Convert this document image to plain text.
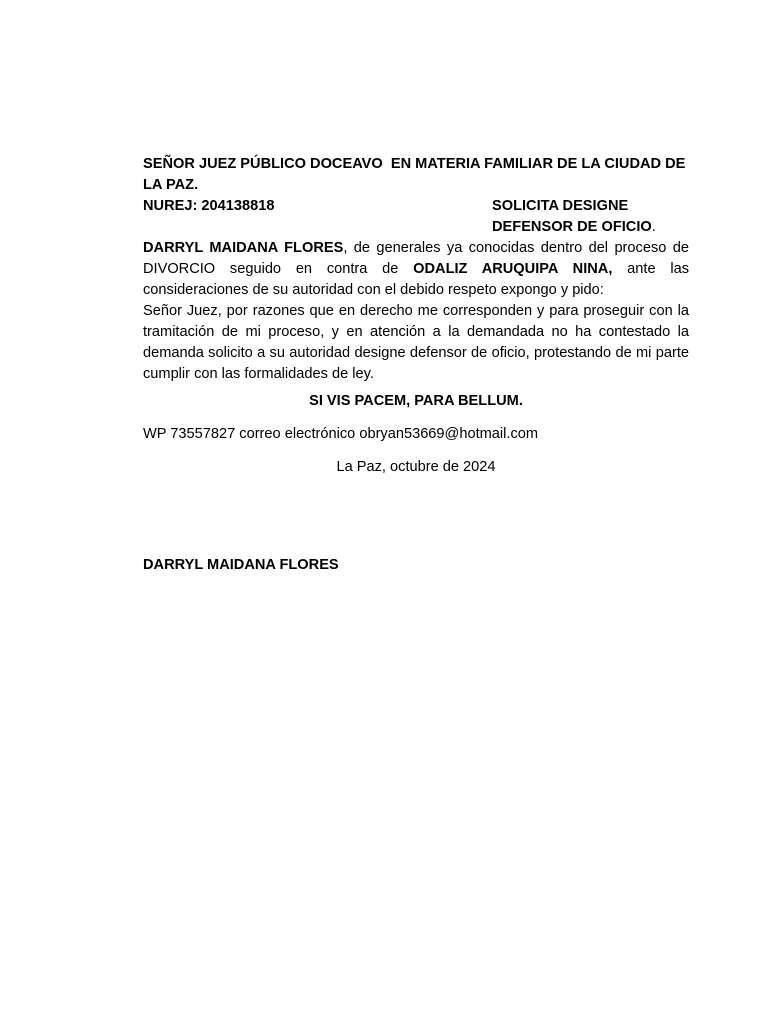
SEÑOR JUEZ PÚBLICO DOCEAVO  EN MATERIA FAMILIAR DE LA CIUDAD DE LA PAZ.

NUREJ: 204138818	SOLICITA DESIGNE
DEFENSOR DE OFICIO.

DARRYL MAIDANA FLORES, de generales ya conocidas dentro del proceso de DIVORCIO seguido en contra de ODALIZ ARUQUIPA NINA, ante las consideraciones de su autoridad con el debido respeto expongo y pido:

Señor Juez, por razones que en derecho me corresponden y para proseguir con la tramitación de mi proceso, y en atención a la demandada no ha contestado la demanda solicito a su autoridad designe defensor de oficio, protestando de mi parte cumplir con las formalidades de ley.

SI VIS PACEM, PARA BELLUM.

WP 73557827 correo electrónico obryan53669@hotmail.com

La Paz, octubre de 2024

DARRYL MAIDANA FLORES
